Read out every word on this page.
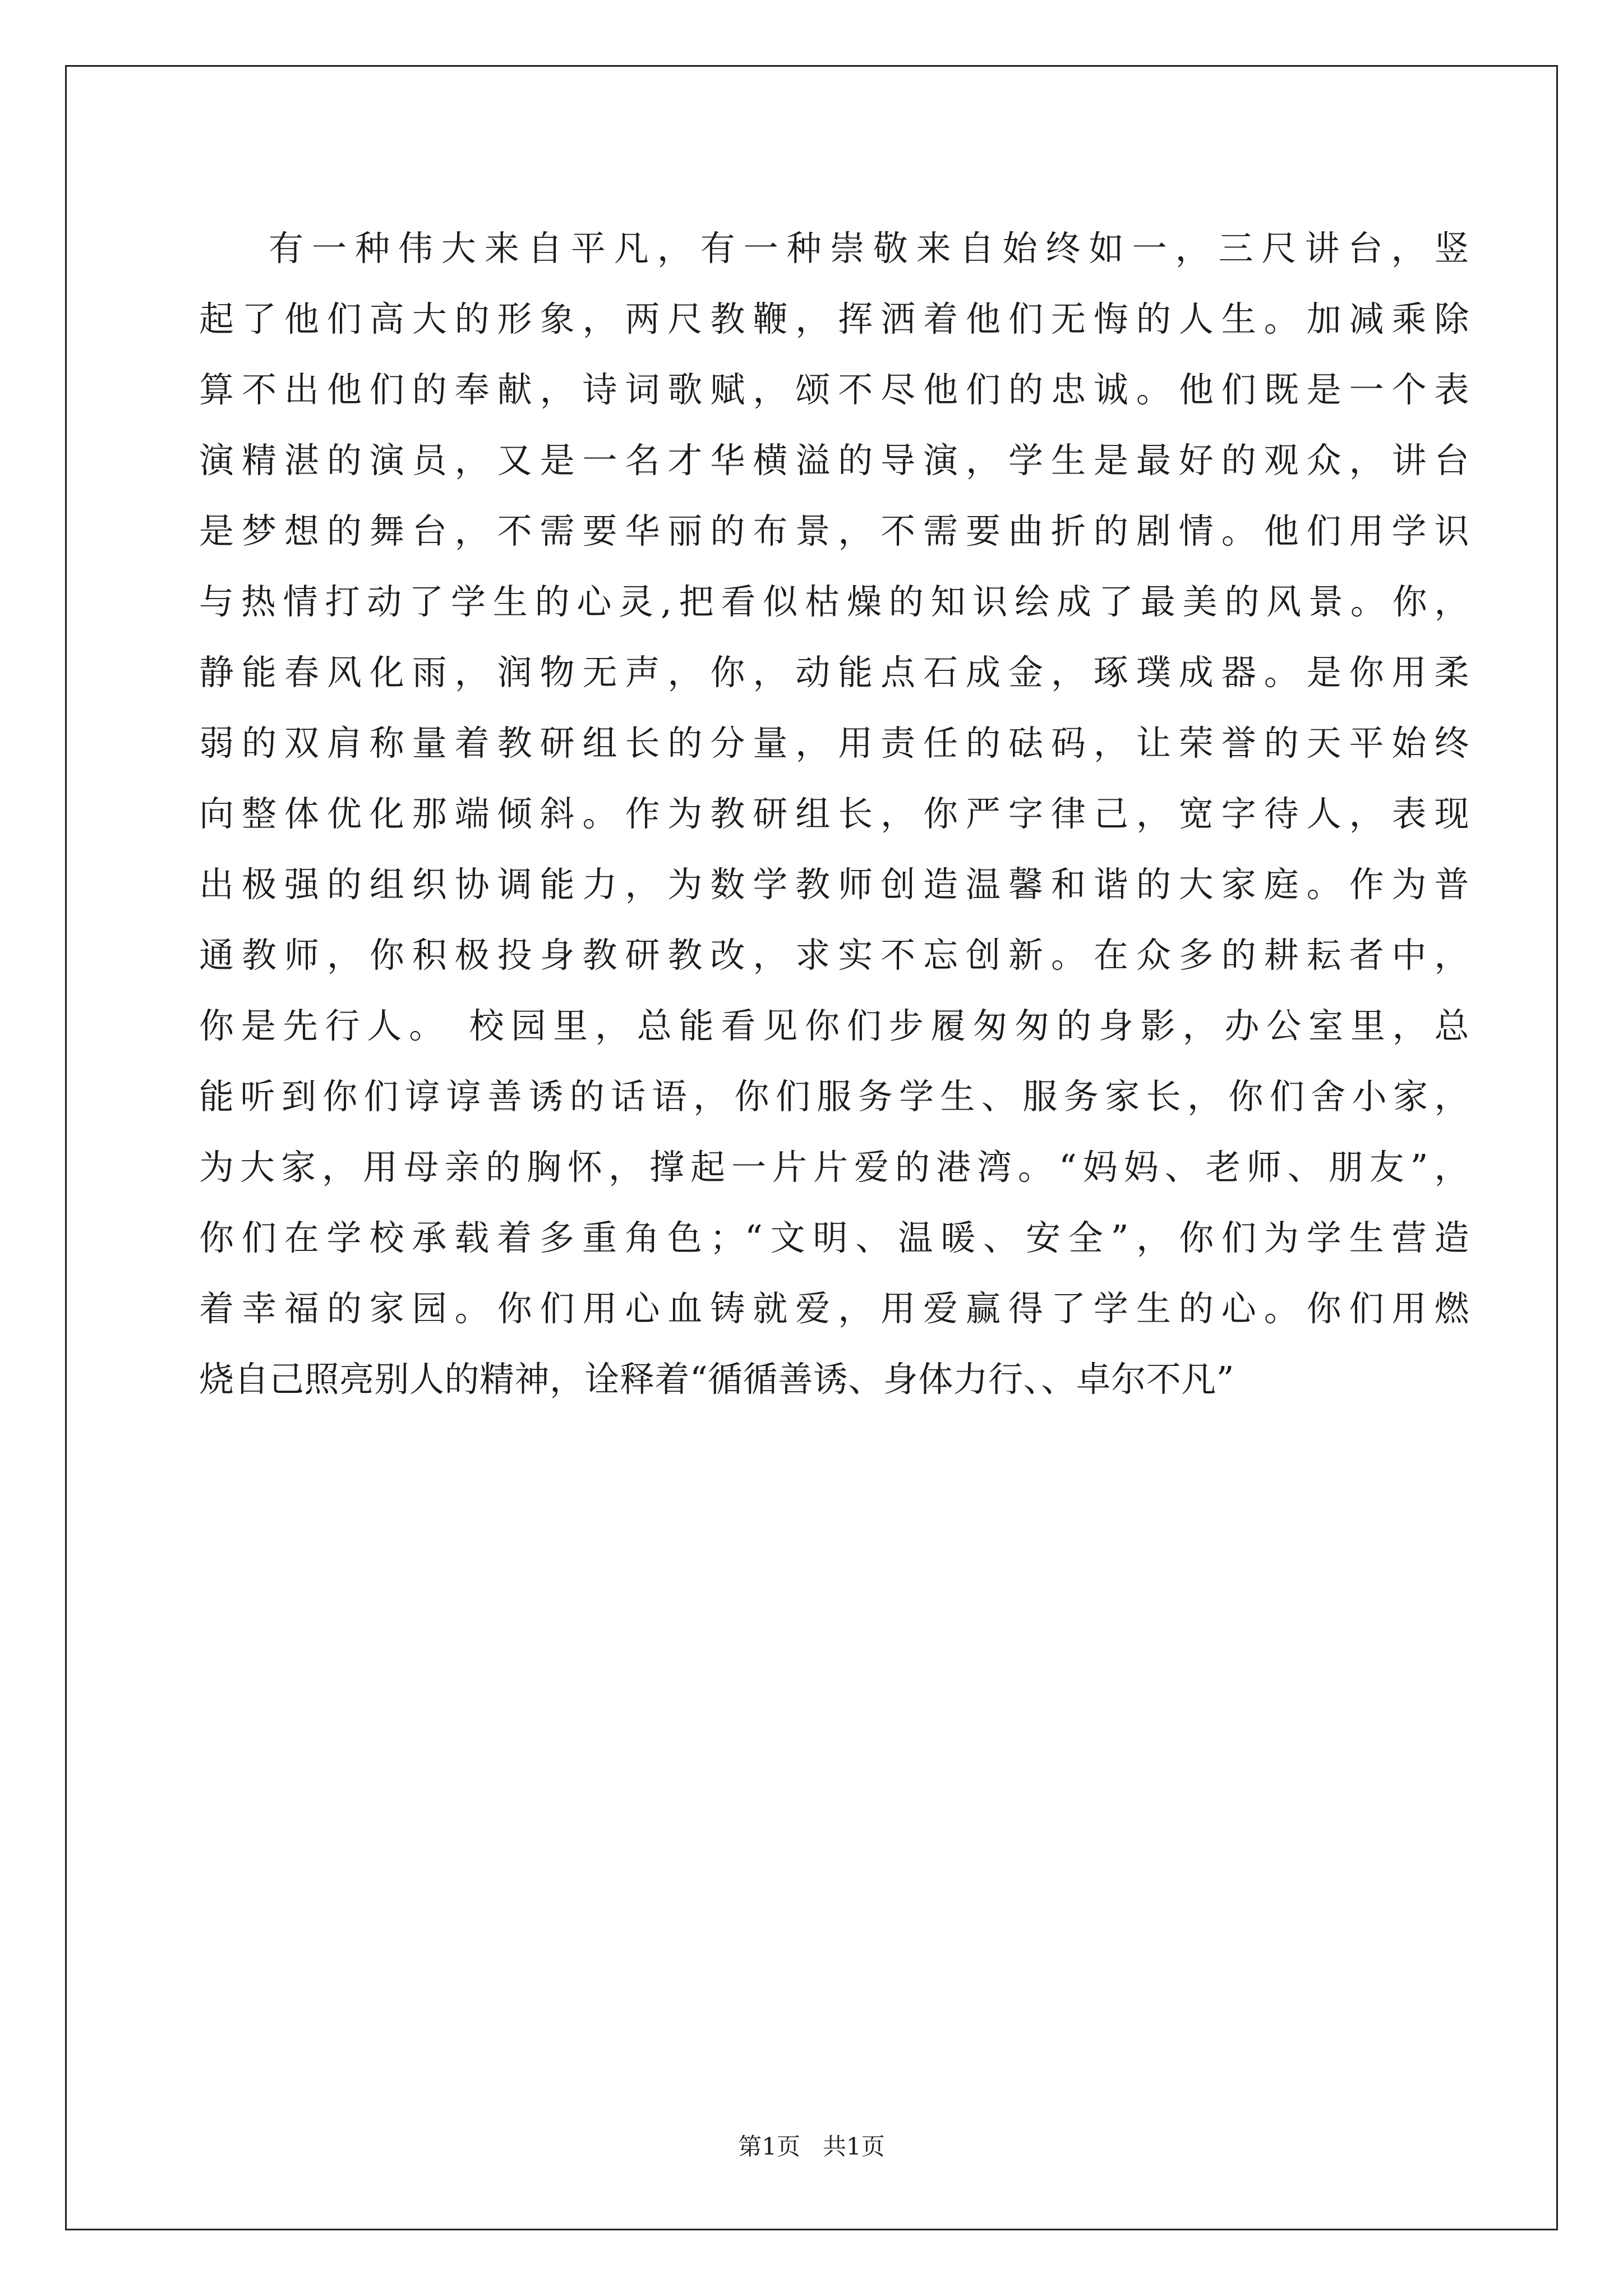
有一种伟大来自平凡，有一种崇敬来自始终如一，三尺讲台，竖
起了他们高大的形象，两尺教鞭，挥洒着他们无悔的人生。加减乘除
算不出他们的奉献，诗词歌赋，颂不尽他们的忠诚。他们既是一个表
演精湛的演员，又是一名才华横溢的导演，学生是最好的观众，讲台
是梦想的舞台，不需要华丽的布景，不需要曲折的剧情。他们用学识
与热情打动了学生的心灵,把看似枯燥的知识绘成了最美的风景。你，
静能春风化雨，润物无声，你，动能点石成金，琢璞成器。是你用柔
弱的双肩称量着教研组长的分量，用责任的砝码，让荣誉的天平始终
向整体优化那端倾斜。作为教研组长，你严字律己，宽字待人，表现
出极强的组织协调能力，为数学教师创造温馨和谐的大家庭。作为普
通教师，你积极投身教研教改，求实不忘创新。在众多的耕耘者中，
你是先行人。 校园里，总能看见你们步履匆匆的身影，办公室里，总
能听到你们谆谆善诱的话语，你们服务学生、服务家长，你们舍小家，
为大家，用母亲的胸怀，撑起一片片爱的港湾。“妈妈、老师、朋友”，
你们在学校承载着多重角色；“文明、温暖、安全”，你们为学生营造
着幸福的家园。你们用心血铸就爱，用爱赢得了学生的心。你们用燃
烧自己照亮别人的精神，诠释着“循循善诱、身体力行、、卓尔不凡”
第1页   共1页
